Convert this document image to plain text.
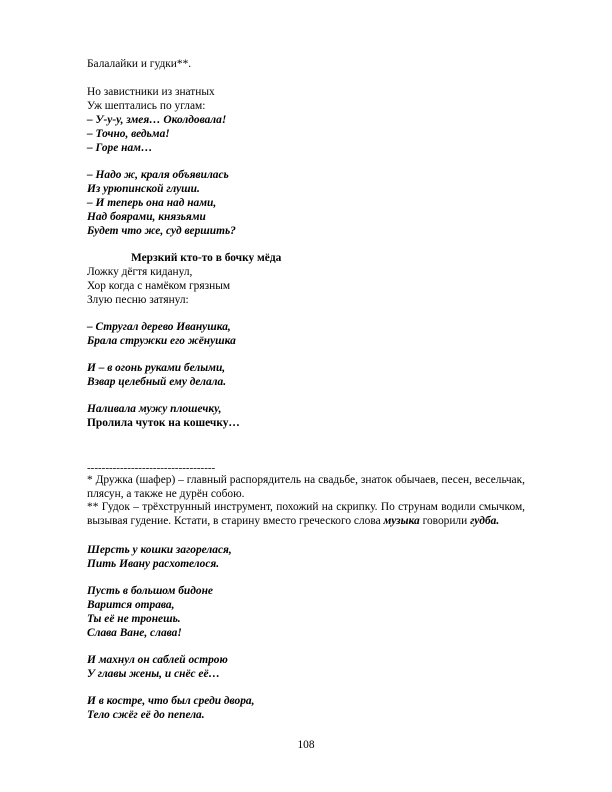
Балалайки и гудки**.
Но завистники из знатных
Уж шептались по углам:
– У-у-у, змея… Околдовала!
– Точно, ведьма!
– Горе нам…
– Надо ж, краля объявилась
Из урюпинской глуши.
– И теперь она над нами,
Над боярами, князьями
Будет что же, суд вершить?
Мерзкий кто-то в бочку мёда
Ложку дёгтя киданул,
Хор когда с намёком грязным
Злую песню затянул:
– Стругал дерево Иванушка,
Брала стружки его жёнушка
И – в огонь руками белыми,
Взвар целебный ему делала.
Наливала мужу плошечку,
Пролила чуток на кошечку…
-----------------------------------
* Дружка (шафер) – главный распорядитель на свадьбе, знаток обычаев, песен, весельчак, плясун, а также не дурён собою.
** Гудок – трёхструнный инструмент, похожий на скрипку. По струнам водили смычком, вызывая гудение. Кстати, в старину вместо греческого слова музыка говорили гудба.
Шерсть у кошки загорелася,
Пить Ивану расхотелося.
Пусть в большом бидоне
Варится отрава,
Ты её не тронешь.
Слава Ване, слава!
И махнул он саблей острою
У главы жены, и снёс её…
И в костре, что был среди двора,
Тело сжёг её до пепела.
108
